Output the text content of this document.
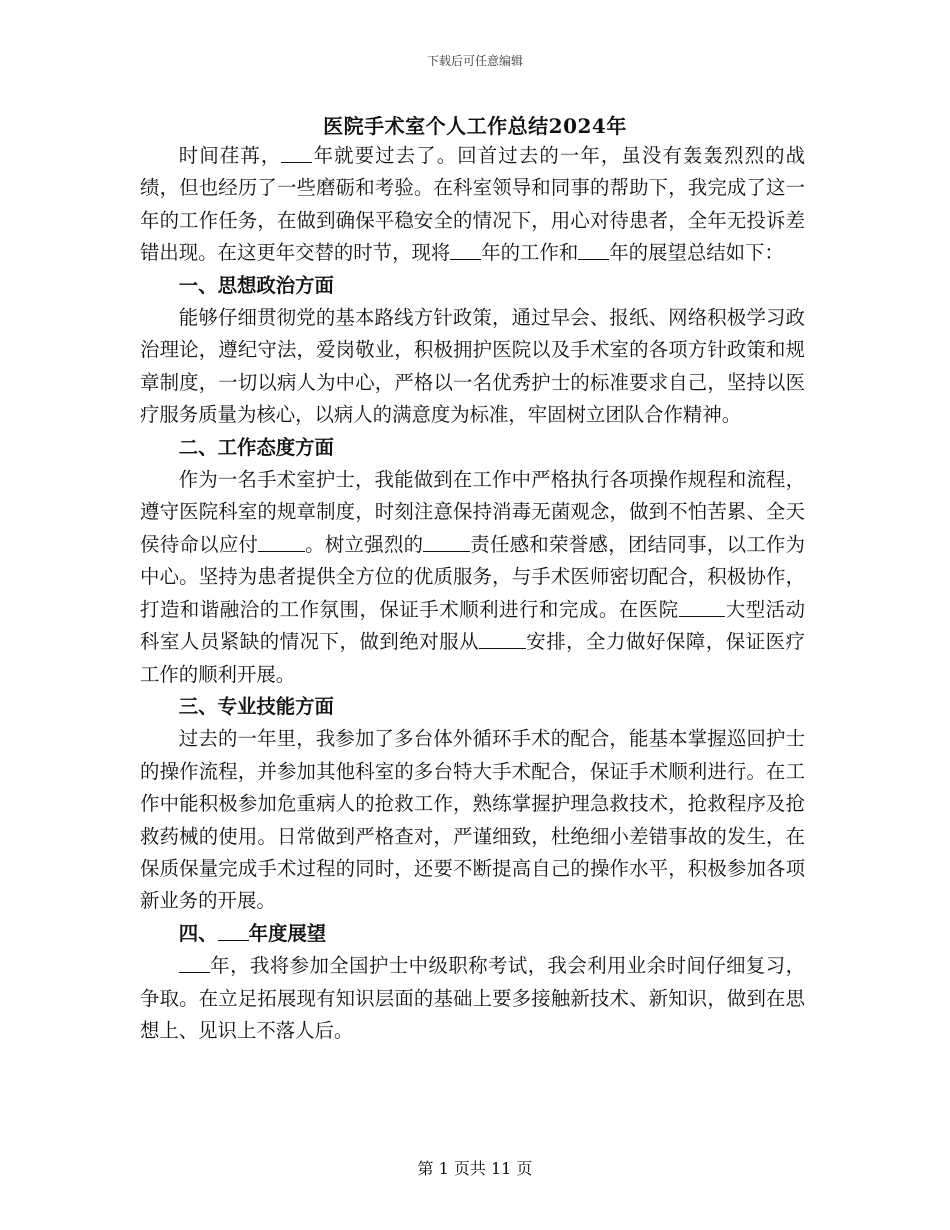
下载后可任意编辑
医院手术室个人工作总结2024年

时间荏苒， 年就要过去了。回首过去的一年，虽没有轰轰烈烈的战绩，但也经历了一些磨砺和考验。在科室领导和同事的帮助下，我完成了这一年的工作任务，在做到确保平稳安全的情况下，用心对待患者，全年无投诉差错出现。在这更年交替的时节，现将 年的工作和 年的展望总结如下：

一、思想政治方面

能够仔细贯彻党的基本路线方针政策，通过早会、报纸、网络积极学习政治理论，遵纪守法，爱岗敬业，积极拥护医院以及手术室的各项方针政策和规章制度，一切以病人为中心，严格以一名优秀护士的标准要求自己，坚持以医疗服务质量为核心，以病人的满意度为标准，牢固树立团队合作精神。

二、工作态度方面

作为一名手术室护士，我能做到在工作中严格执行各项操作规程和流程，遵守医院科室的规章制度，时刻注意保持消毒无菌观念，做到不怕苦累、全天侯待命以应付 。树立强烈的 责任感和荣誉感，团结同事，以工作为中心。坚持为患者提供全方位的优质服务，与手术医师密切配合，积极协作，打造和谐融洽的工作氛围，保证手术顺利进行和完成。在医院 大型活动科室人员紧缺的情况下，做到绝对服从 安排，全力做好保障，保证医疗工作的顺利开展。

三、专业技能方面

过去的一年里，我参加了多台体外循环手术的配合，能基本掌握巡回护士的操作流程，并参加其他科室的多台特大手术配合，保证手术顺利进行。在工作中能积极参加危重病人的抢救工作，熟练掌握护理急救技术，抢救程序及抢救药械的使用。日常做到严格查对，严谨细致，杜绝细小差错事故的发生，在保质保量完成手术过程的同时，还要不断提高自己的操作水平，积极参加各项新业务的开展。

四、 年度展望

年，我将参加全国护士中级职称考试，我会利用业余时间仔细复习，争取。在立足拓展现有知识层面的基础上要多接触新技术、新知识，做到在思想上、见识上不落人后。

第 1 页共 11 页
